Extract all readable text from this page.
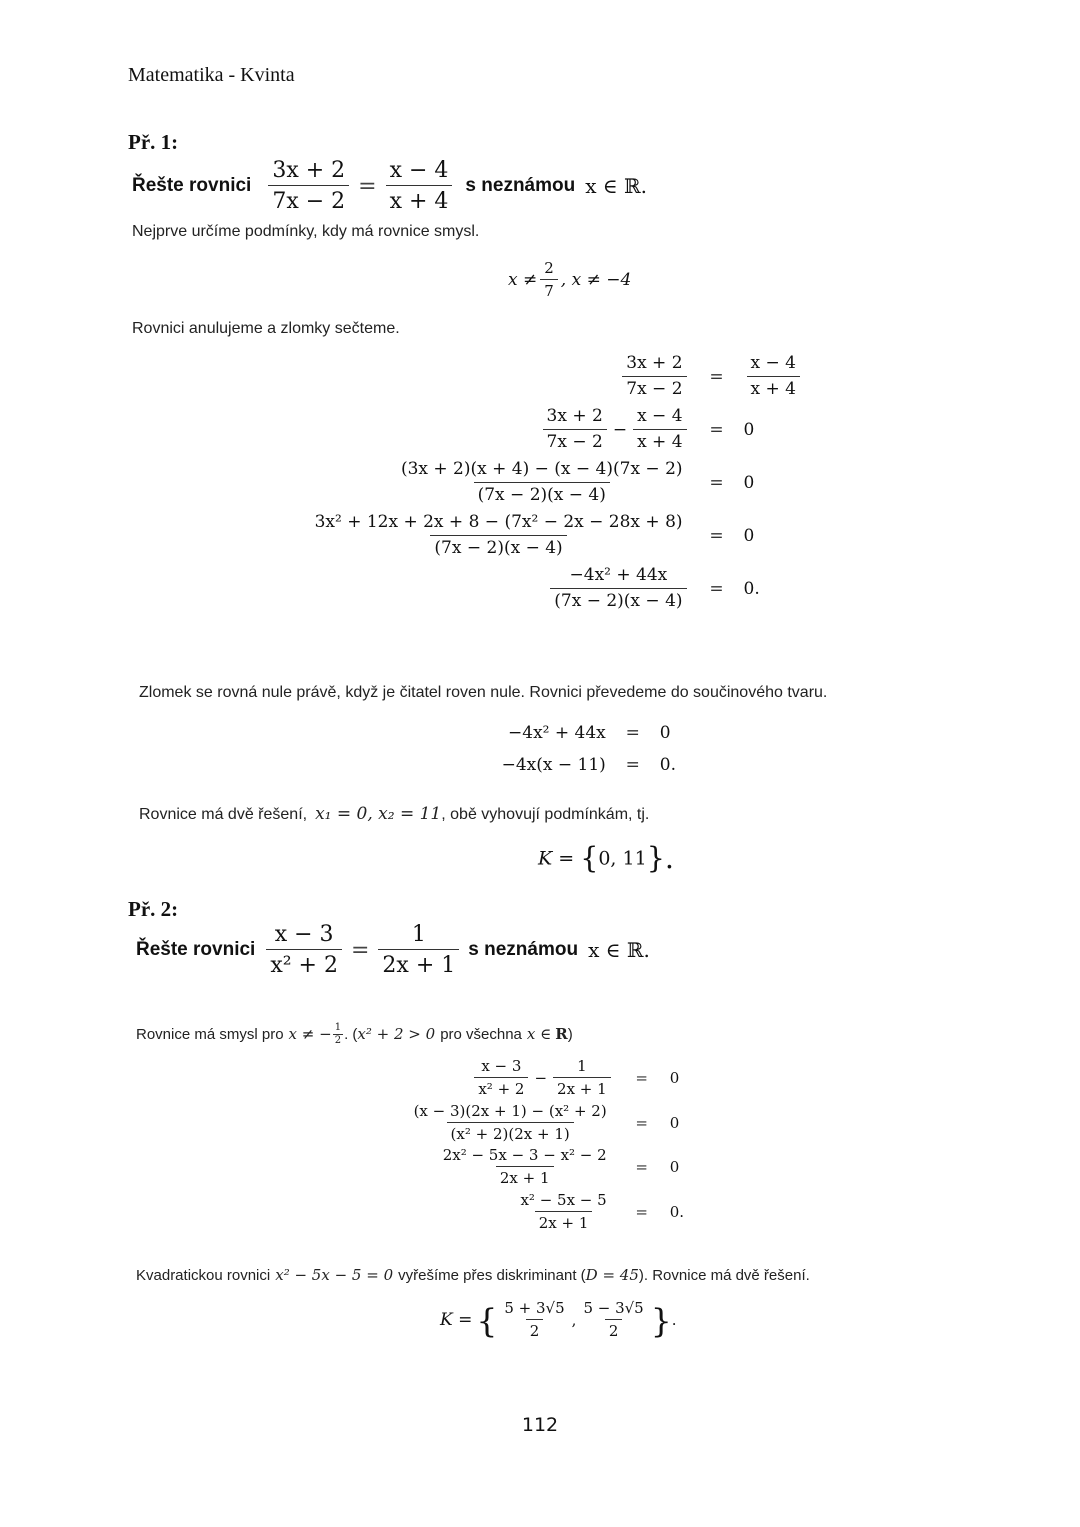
Matematika - Kvinta
Př. 1:
Řešte rovnici $\frac{3x + 2}{7x - 2} = \frac{x - 4}{x + 4}$ s neznámou x ∈ ℝ.
Nejprve určíme podmínky, kdy má rovnice smysl.
$x \ne \frac{2}{7}$ , x ≠ −4
Rovnici anulujeme a zlomky sečteme.
$\frac{3x + 2}{7x - 2}$	=	$\frac{x - 4}{x + 4}$
$\frac{3x + 2}{7x - 2} - \frac{x - 4}{x + 4}$	=	0
$\frac{(3x + 2)(x + 4) - (x - 4)(7x - 2)}{(7x - 2)(x - 4)}$	=	0
$\frac{\text{3x² + 12x + 2x + 8 − (7x² − 2x − 28x + 8)}}{(7x - 2)(x - 4)}$	=	0
$\frac{\text{−4x² + 44x}}{(7x - 2)(x - 4)}$	=	0.
Zlomek se rovná nule právě, když je čitatel roven nule. Rovnici převedeme do součinového tvaru.
−4x² + 44x	=	0
−4x(x − 11)	=	0.
Rovnice má dvě řešení, x₁ = 0, x₂ = 11 , obě vyhovují podmínkám, tj.
K = {0, 11}.
Př. 2:
Řešte rovnici $\frac{x - 3}{\text{x² + 2}} = \frac{1}{2x + 1}$ s neznámou x ∈ ℝ.
Rovnice má smysl pro x ≠ − $\frac{1}{2}$ . ( x² + 2 > 0 pro všechna x ∈ R )
$\frac{x - 3}{\text{x² + 2}} - \frac{1}{2x + 1}$	=	0
$\frac{\text{(x − 3)(2x + 1) − (x² + 2)}}{\text{(x² + 2)(2x + 1)}}$	=	0
$\frac{\text{2x² − 5x − 3 − x² − 2}}{2x + 1}$	=	0
$\frac{\text{x² − 5x − 5}}{2x + 1}$	=	0.
Kvadratickou rovnici x² − 5x − 5 = 0 vyřešíme přes diskriminant ( D = 45 ). Rovnice má dvě řešení.
K = { $\frac{5 + 3√5}{2}$ , $\frac{5 - 3√5}{2}$ } .
112
